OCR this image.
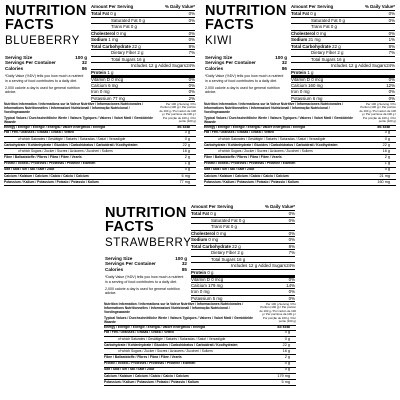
NUTRITION
FACTS
BLUEBERRY
Serving Size	100 g
Servings Per Container	32
Calories	86
*Daily Value (%DV) tells you how much a nutrient in a serving of food contributes to a daily diet.
2,000 calorie a day is used for general nutrition advice.
Amount Per Serving	% Daily Value*
Total Fat 0 g	0%
Saturated Fat 0 g	0%
Trans Fat 0 g
Cholesterol 0 mg	0%
Sodium 1 mg	0%
Total Carbohydrate 22 g	8%
Dietary Fiber 2 g	7%
Total Sugars 16 g
Includes 12 g Added Sugars 24%
Protein 1 g
Vitamin D 0 mcg	0%
Calcium 6 mg	0%
Iron 0 mg	0%
Potassium 77 mg	2%
Nutrition Information / Informations sur la Valeur Nutritive / Informaciones Nutricionales / Informations Nutritionnelles / Informazioni Nutrizionali / Informação Nutricional / Voedingswaarde
Typical Values / Durchschnittliche Werte / Valeurs Typiques / Valores / Valori Medi / Gemiddelde Waarde
Per 100 g Serving / Pro Portion (100 g) / Par portion de 100 g / Por ración de 100 g / Per porzione da 100 g / Por porção de 100 g / Per portie (100 g)
Energy / Energie / Énergie / Energía / Valore Energetico / Energia	86 kcal
Fat / Fett / Graisses / Grasas / Grassi / Vetten	0 g
of which Saturates / Gesättigte / Saturés / Saturadas / Saturi / Verzadigde	0 g
Carbohydrate / Kohlenhydrate / Glucides / Carbohidratos / Carboidrati / Koolhydraten	22 g
of which Sugars / Zucker / Sucres / Azúcares / Zuccheri / Suikers	16 g
Fibre / Ballaststoffe / Fibres / Fibra / Fibre / Vezels	2 g
Protein / Eiweiß / Protéines / Proteínas / Proteine / Eiwitten	1 g
Salt / Salz / Sel / Sal / Sale / Zout	0 g
Calcium / Kalzium / Calcium / Calcio / Calcio / Calcium	6 mg
Potassium / Kalium / Potassium / Potasio / Potassio / Kalium	77 mg
NUTRITION
FACTS
KIWI
Serving Size	100 g
Servings Per Container	32
Calories	86
*Daily Value (%DV) tells you how much a nutrient in a serving of food contributes to a daily diet.
2,000 calorie a day is used for general nutrition advice.
Amount Per Serving	% Daily Value*
Total Fat 0 g	0%
Saturated Fat 0 g	0%
Trans Fat 0 g
Cholesterol 0 mg	0%
Sodium 21 mg	1%
Total Carbohydrate 22 g	8%
Dietary Fiber 2 g	7%
Total Sugars 16 g
Includes 12 g Added Sugars 24%
Protein 1 g
Vitamin D 0 mcg	0%
Calcium 160 mg	12%
Iron 0 mg	0%
Potassium 6 mg	0%
Nutrition Information / Informations sur la Valeur Nutritive / Informaciones Nutricionales / Informations Nutritionnelles / Informazioni Nutrizionali / Informação Nutricional / Voedingswaarde
Typical Values / Durchschnittliche Werte / Valeurs Typiques / Valores / Valori Medi / Gemiddelde Waarde
Per 100 g Serving / Pro Portion (100 g) / Par portion de 100 g / Por ración de 100 g / Per porzione da 100 g / Por porção de 100 g / Per portie (100 g)
Energy / Energie / Énergie / Energía / Valore Energetico / Energia	86 kcal
Fat / Fett / Graisses / Grasas / Grassi / Vetten	0 g
of which Saturates / Gesättigte / Saturés / Saturadas / Saturi / Verzadigde	0 g
Carbohydrate / Kohlenhydrate / Glucides / Carbohidratos / Carboidrati / Koolhydraten	22 g
of which Sugars / Zucker / Sucres / Azúcares / Zuccheri / Suikers	16 g
Fibre / Ballaststoffe / Fibres / Fibra / Fibre / Vezels	2 g
Protein / Eiweiß / Protéines / Proteínas / Proteine / Eiwitten	1 g
Salt / Salz / Sel / Sal / Sale / Zout	0 g
Calcium / Kalzium / Calcium / Calcio / Calcio / Calcium	21 mg
Potassium / Kalium / Potassium / Potasio / Potassio / Kalium	160 mg
NUTRITION
FACTS
STRAWBERRY
Serving Size	100 g
Servings Per Container	32
Calories	85
*Daily Value (%DV) tells you how much a nutrient in a serving of food contributes to a daily diet.
2,000 calorie a day is used for general nutrition advice.
Amount Per Serving	% Daily Value*
Total Fat 0 g	0%
Saturated Fat 0 g	0%
Trans Fat 0 g
Cholesterol 0 mg	0%
Sodium 0 mg	0%
Total Carbohydrate 22 g	8%
Dietary Fiber 2 g	7%
Total Sugars 16 g
Includes 12 g Added Sugars 24%
Protein 0 g
Vitamin D 0 mcg	0%
Calcium 179 mg	14%
Iron 0 mg	0%
Potassium 5 mg	0%
Nutrition Information / Informations sur la Valeur Nutritive / Informaciones Nutricionales / Informations Nutritionnelles / Informazioni Nutrizionali / Informação Nutricional / Voedingswaarde
Typical Values / Durchschnittliche Werte / Valeurs Typiques / Valores / Valori Medi / Gemiddelde Waarde
Per 100 g Serving / Pro Portion (100 g) / Par portion de 100 g / Por ración de 100 g / Per porzione da 100 g / Por porção de 100 g / Per portie (100 g)
Energy / Energie / Énergie / Energía / Valore Energetico / Energia	83 kcal
Fat / Fett / Graisses / Grasas / Grassi / Vetten	0 g
of which Saturates / Gesättigte / Saturés / Saturadas / Saturi / Verzadigde	0 g
Carbohydrate / Kohlenhydrate / Glucides / Carbohidratos / Carboidrati / Koolhydraten	22 g
of which Sugars / Zucker / Sucres / Azúcares / Zuccheri / Suikers	16 g
Fibre / Ballaststoffe / Fibres / Fibra / Fibre / Vezels	2 g
Protein / Eiweiß / Protéines / Proteínas / Proteine / Eiwitten	0 g
Salt / Salz / Sel / Sal / Sale / Zout	0 g
Calcium / Kalzium / Calcium / Calcio / Calcio / Calcium	179 mg
Potassium / Kalium / Potassium / Potasio / Potassio / Kalium	5 mg
